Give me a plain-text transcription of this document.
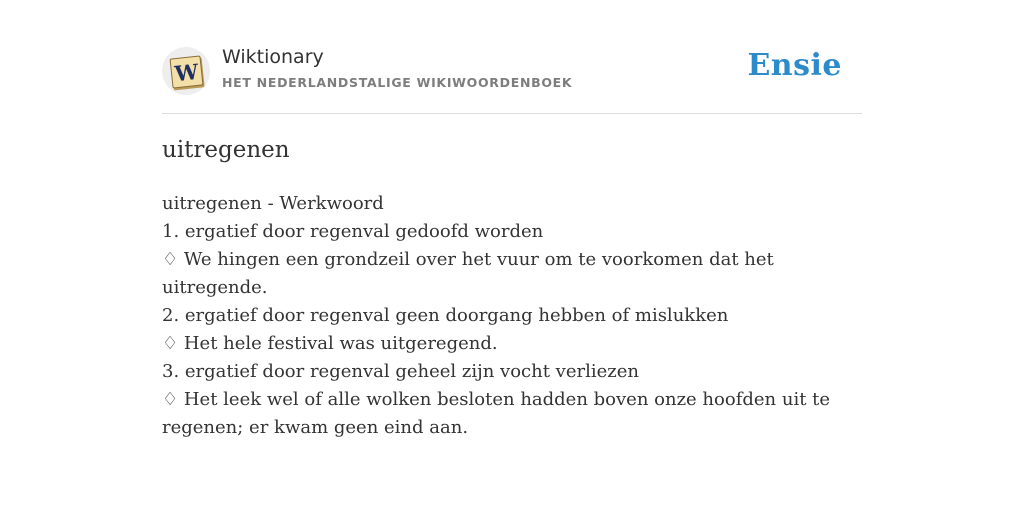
W
Wiktionary
HET NEDERLANDSTALIGE WIKIWOORDENBOEK	Ensie
uitregenen
uitregenen - Werkwoord
1. ergatief door regenval gedoofd worden
♢ We hingen een grondzeil over het vuur om te voorkomen dat het uitregende.
2. ergatief door regenval geen doorgang hebben of mislukken
♢ Het hele festival was uitgeregend.
3. ergatief door regenval geheel zijn vocht verliezen
♢ Het leek wel of alle wolken besloten hadden boven onze hoofden uit te regenen; er kwam geen eind aan.
